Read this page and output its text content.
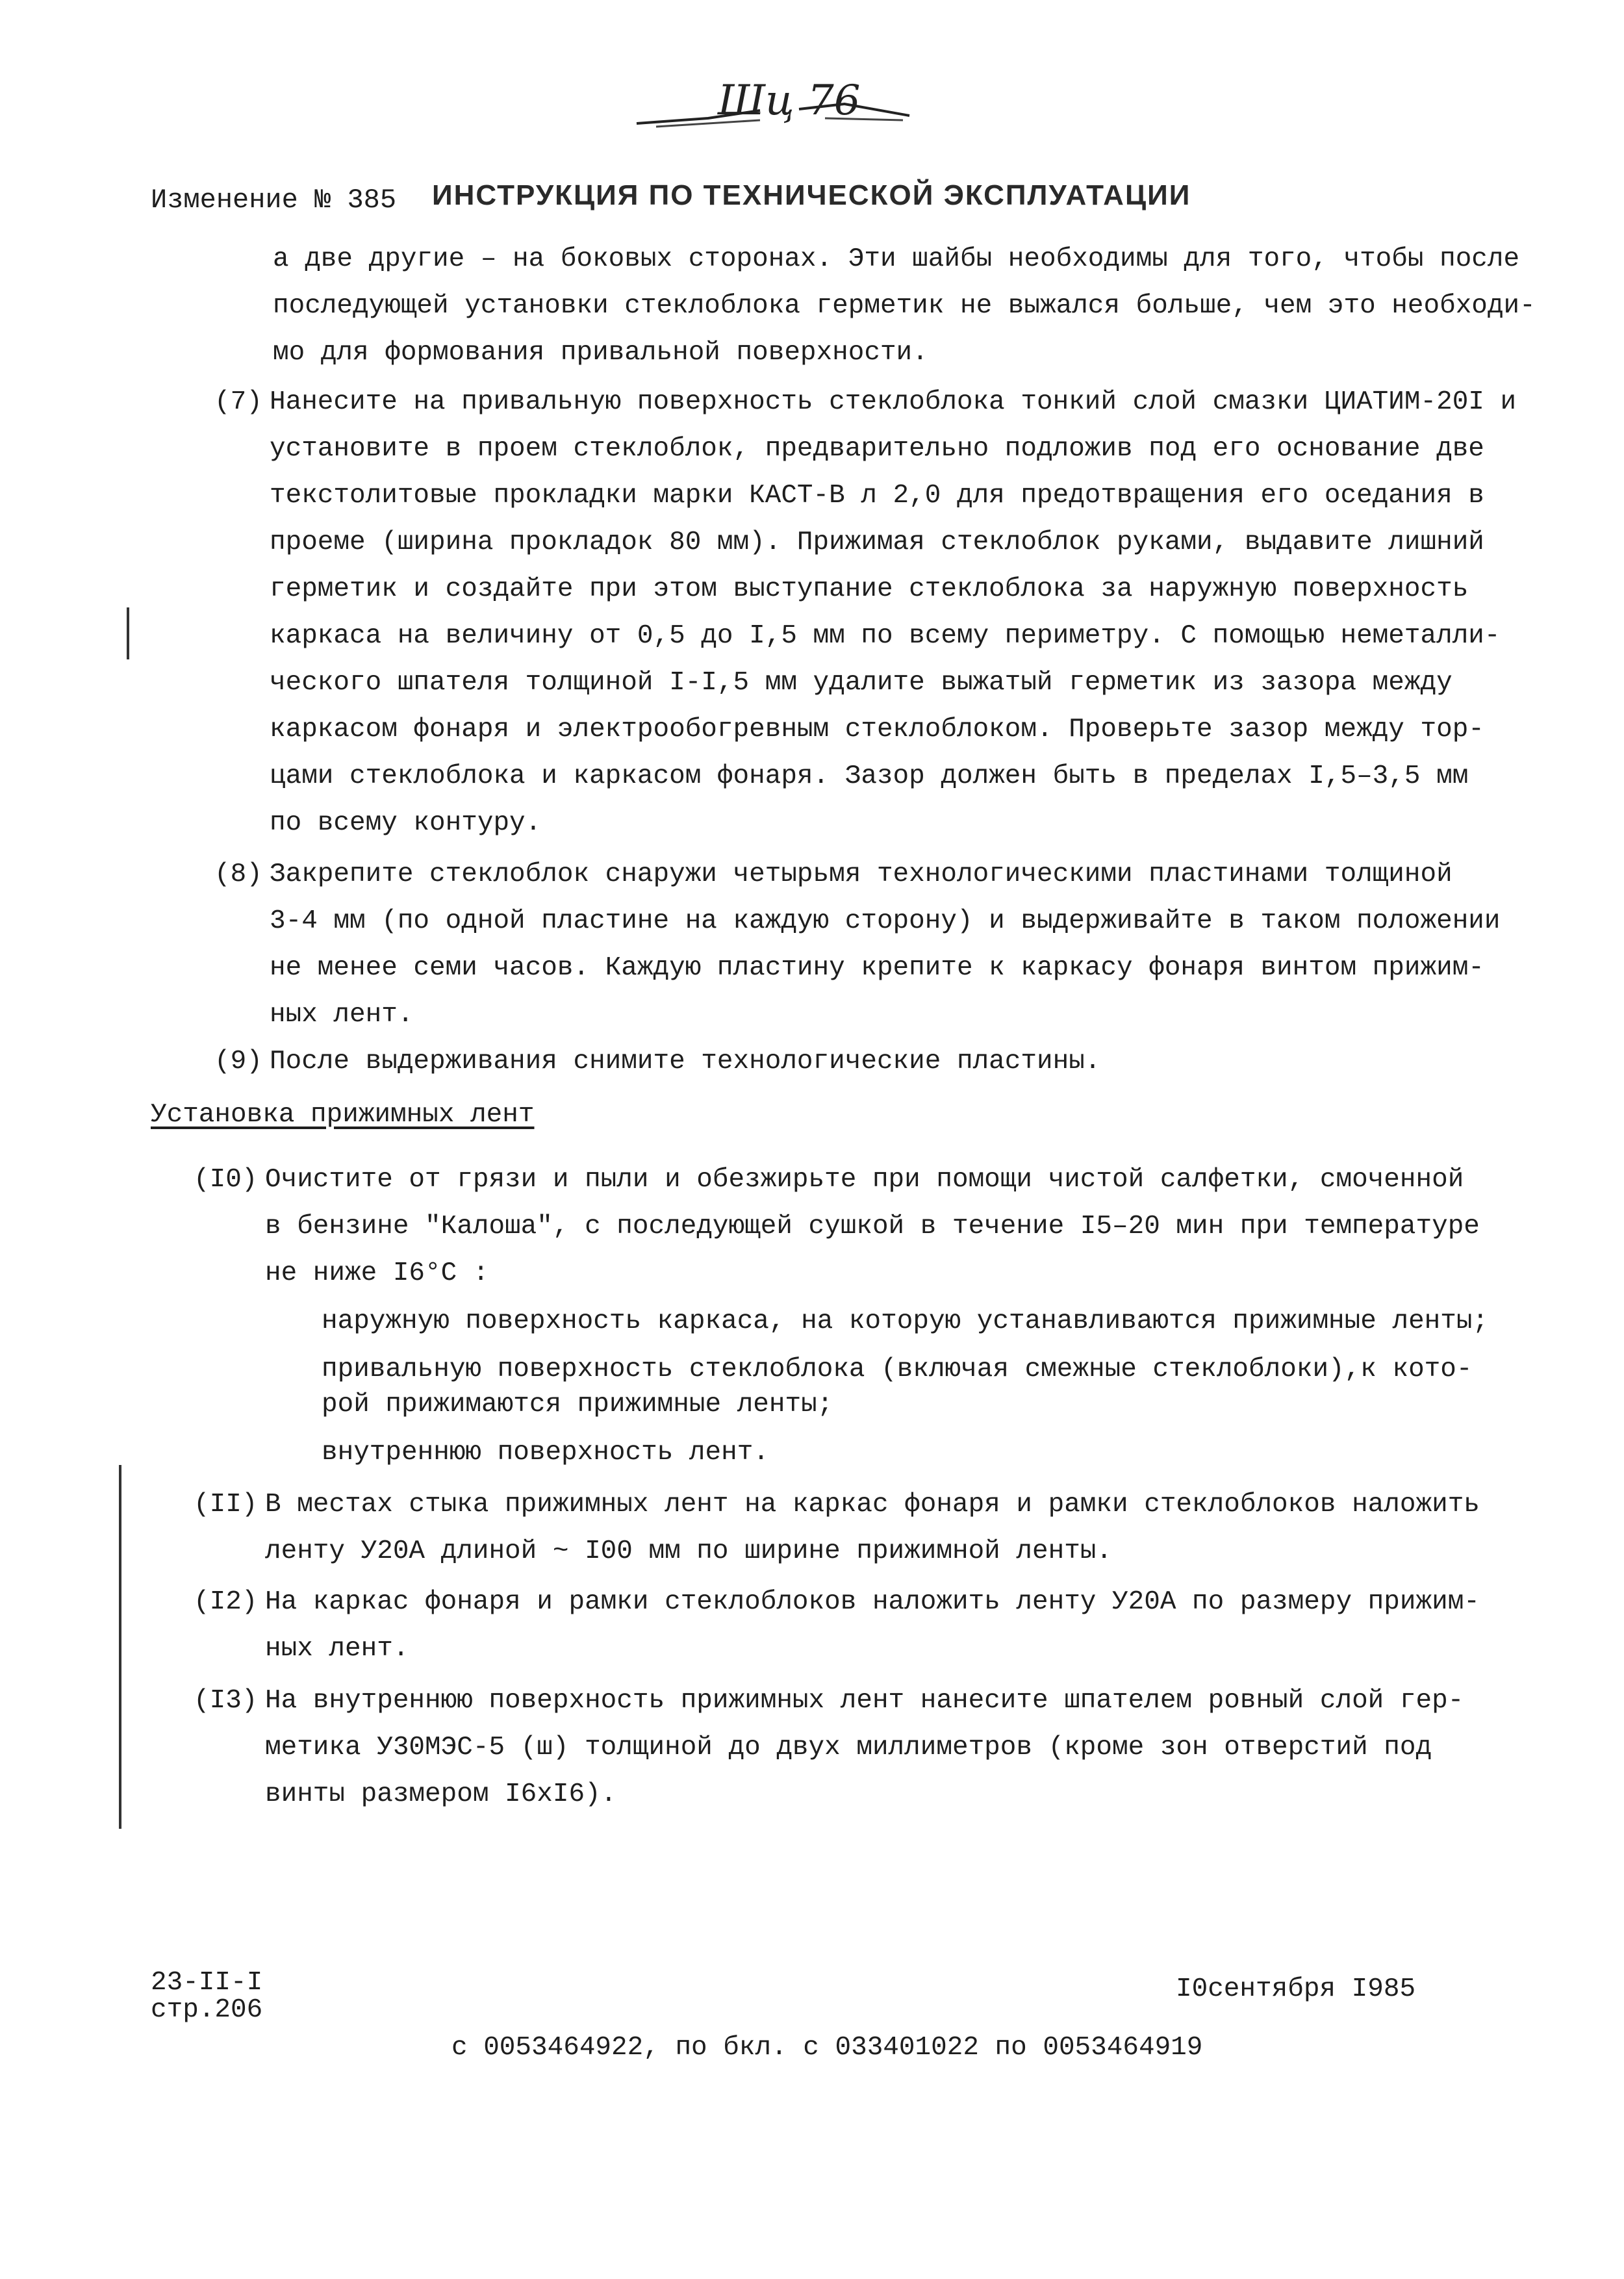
Шц 76
Изменение № 385 ИНСТРУКЦИЯ ПО ТЕХНИЧЕСКОЙ ЭКСПЛУАТАЦИИ
а две другие – на боковых сторонах. Эти шайбы необходимы для того, чтобы после
последующей установки стеклоблока герметик не выжался больше, чем это необходи-
мо для формования привальной поверхности.
(7) Нанесите на привальную поверхность стеклоблока тонкий слой смазки ЦИАТИМ-20I и
установите в проем стеклоблок, предварительно подложив под его основание две
текстолитовые прокладки марки КАСТ-В л 2,0 для предотвращения его оседания в
проеме (ширина прокладок 80 мм). Прижимая стеклоблок руками, выдавите лишний
герметик и создайте при этом выступание стеклоблока за наружную поверхность
каркаса на величину от 0,5 до I,5 мм по всему периметру. С помощью неметалли-
ческого шпателя толщиной I-I,5 мм удалите выжатый герметик из зазора между
каркасом фонаря и электрообогревным стеклоблоком. Проверьте зазор между тор-
цами стеклоблока и каркасом фонаря. Зазор должен быть в пределах I,5–3,5 мм
по всему контуру.
(8) Закрепите стеклоблок снаружи четырьмя технологическими пластинами толщиной
3-4 мм (по одной пластине на каждую сторону) и выдерживайте в таком положении
не менее семи часов. Каждую пластину крепите к каркасу фонаря винтом прижим-
ных лент.
(9) После выдерживания снимите технологические пластины.
Установка прижимных лент
(I0) Очистите от грязи и пыли и обезжирьте при помощи чистой салфетки, смоченной
в бензине "Калоша", с последующей сушкой в течение I5–20 мин при температуре
не ниже I6°С :
наружную поверхность каркаса, на которую устанавливаются прижимные ленты;
привальную поверхность стеклоблока (включая смежные стеклоблоки),к кото-
рой прижимаются прижимные ленты;
внутреннюю поверхность лент.
(II) В местах стыка прижимных лент на каркас фонаря и рамки стеклоблоков наложить
ленту У20А длиной ~ I00 мм по ширине прижимной ленты.
(I2) На каркас фонаря и рамки стеклоблоков наложить ленту У20А по размеру прижим-
ных лент.
(I3) На внутреннюю поверхность прижимных лент нанесите шпателем ровный слой гер-
метика У30МЭС-5 (ш) толщиной до двух миллиметров (кроме зон отверстий под
винты размером I6хI6).
23-II-I
стр.206
I0сентября I985
с 0053464922, по бкл. с 033401022 по 0053464919
